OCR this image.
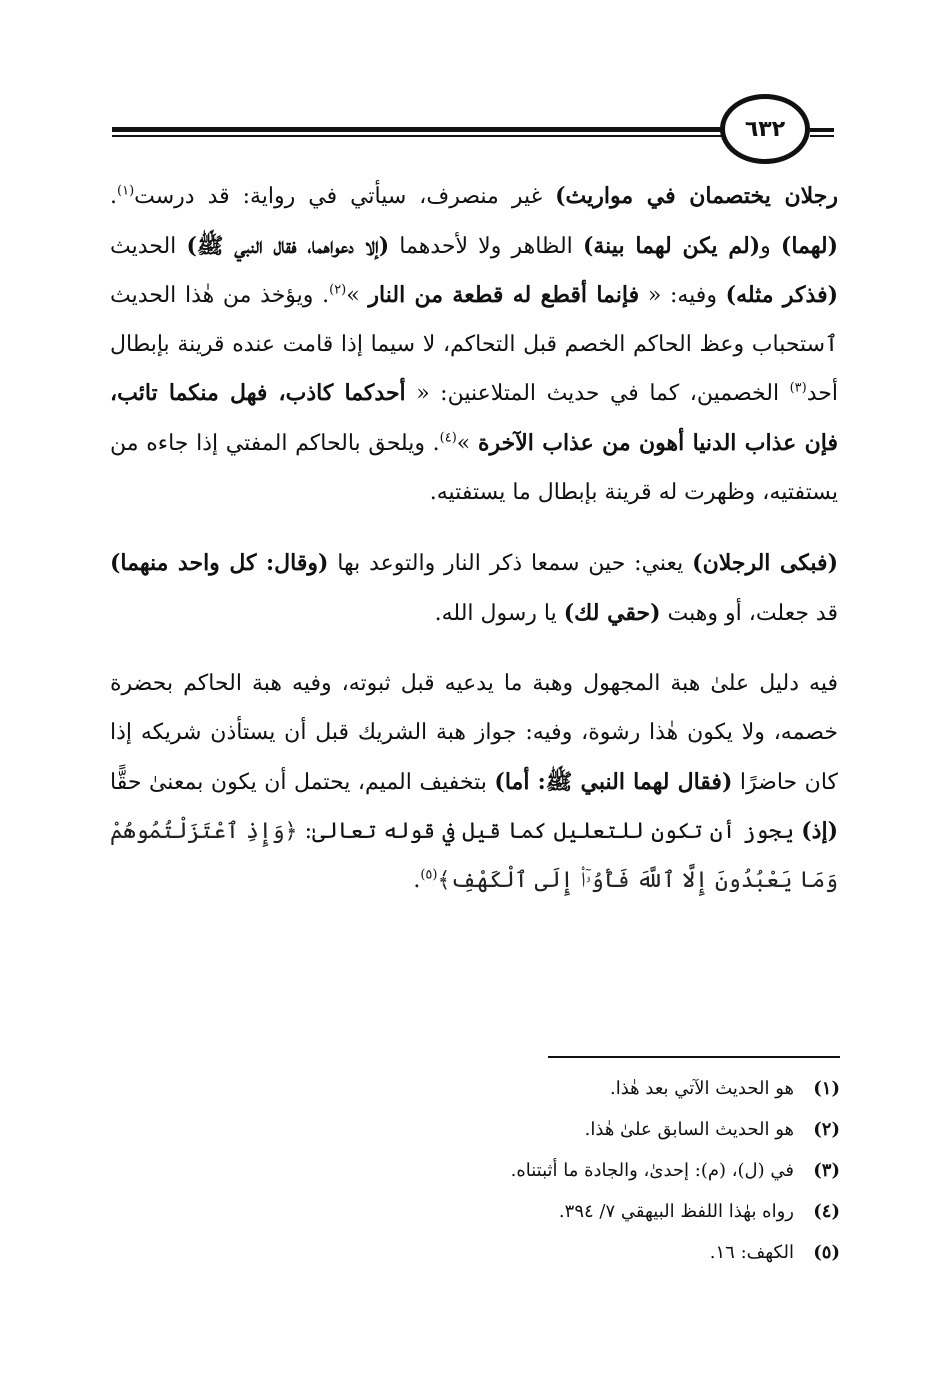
٦٣٢

رجلان يختصمان في مواريث) غير منصرف، سيأتي في رواية: قد درست$^{(١)}$. (لهما) و(لم يكن لهما بينة) الظاهر ولا لأحدهما (إلا دعواهما، فقال النبي ﷺ) الحديث (فذكر مثله) وفيه: « فإنما أقطع له قطعة من النار »$^{(٢)}$. ويؤخذ من هٰذا الحديث ٱستحباب وعظ الحاكم الخصم قبل التحاكم، لا سيما إذا قامت عنده قرينة بإبطال أحد$^{(٣)}$ الخصمين، كما في حديث المتلاعنين: « أحدكما كاذب، فهل منكما تائب، فإن عذاب الدنيا أهون من عذاب الآخرة »$^{(٤)}$. ويلحق بالحاكم المفتي إذا جاءه من يستفتيه، وظهرت له قرينة بإبطال ما يستفتيه.

(فبكى الرجلان) يعني: حين سمعا ذكر النار والتوعد بها (وقال: كل واحد منهما) قد جعلت، أو وهبت (حقي لك) يا رسول الله.

فيه دليل علىٰ هبة المجهول وهبة ما يدعيه قبل ثبوته، وفيه هبة الحاكم بحضرة خصمه، ولا يكون هٰذا رشوة، وفيه: جواز هبة الشريك قبل أن يستأذن شريكه إذا كان حاضرًا (فقال لهما النبي ﷺ: أما) بتخفيف الميم، يحتمل أن يكون بمعنىٰ حقًّا (إذ) يجوز أن تكون للتعليل كما قيل في قوله تعالىٰ: ﴿وَإِذِ ٱعْتَزَلْتُمُوهُمْ وَمَا يَعْبُدُونَ إِلَّا ٱللَّهَ فَأْوُۥٓا۟ إِلَى ٱلْكَهْفِ﴾$^{(٥)}$.

(١)
هو الحديث الآتي بعد هٰذا.
(٢)
هو الحديث السابق علىٰ هٰذا.
(٣)
في (ل)، (م): إحدىٰ، والجادة ما أثبتناه.
(٤)
رواه بهٰذا اللفظ البيهقي ٧/ ٣٩٤.
(٥)
الكهف: ١٦.
